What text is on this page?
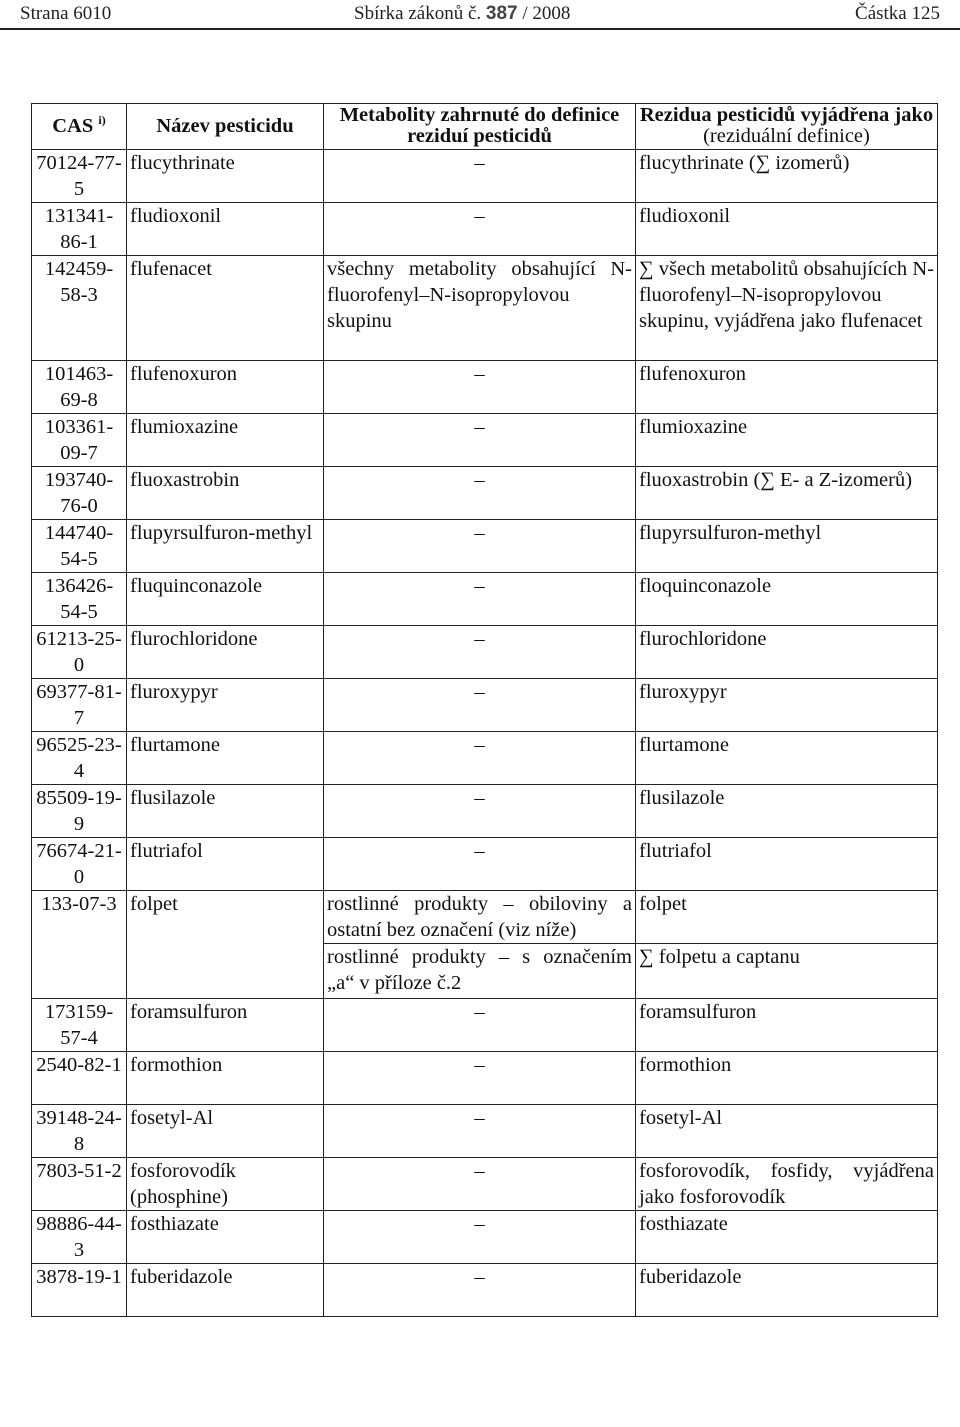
Strana 6010	Sbírka zákonů č. 387 / 2008	Částka 125
CAS $^{i)}$	Název pesticidu	Metabolity zahrnuté do definice reziduí pesticidů	Rezidua pesticidů vyjádřena jako
(reziduální definice)
70124-77-5	flucythrinate	–	flucythrinate (∑ izomerů)
131341-86-1	fludioxonil	–	fludioxonil
142459-58-3	flufenacet	všechny metabolity obsahující N-fluorofenyl–N-isopropylovou skupinu	∑ všech metabolitů obsahujících N-fluorofenyl–N-isopropylovou skupinu, vyjádřena jako flufenacet
101463-69-8	flufenoxuron	–	flufenoxuron
103361-09-7	flumioxazine	–	flumioxazine
193740-76-0	fluoxastrobin	–	fluoxastrobin (∑ E- a Z-izomerů)
144740-54-5	flupyrsulfuron-methyl	–	flupyrsulfuron-methyl
136426-54-5	fluquinconazole	–	floquinconazole
61213-25-0	flurochloridone	–	flurochloridone
69377-81-7	fluroxypyr	–	fluroxypyr
96525-23-4	flurtamone	–	flurtamone
85509-19-9	flusilazole	–	flusilazole
76674-21-0	flutriafol	–	flutriafol
133-07-3	folpet	rostlinné produkty – obiloviny a ostatní bez označení (viz níže)	folpet
		rostlinné produkty – s označením „a“ v příloze č.2	∑ folpetu a captanu
173159-57-4	foramsulfuron	–	foramsulfuron
2540-82-1	formothion	–	formothion
39148-24-8	fosetyl-Al	–	fosetyl-Al
7803-51-2	fosforovodík (phosphine)	–	fosforovodík, fosfidy, vyjádřena jako fosforovodík
98886-44-3	fosthiazate	–	fosthiazate
3878-19-1	fuberidazole	–	fuberidazole
